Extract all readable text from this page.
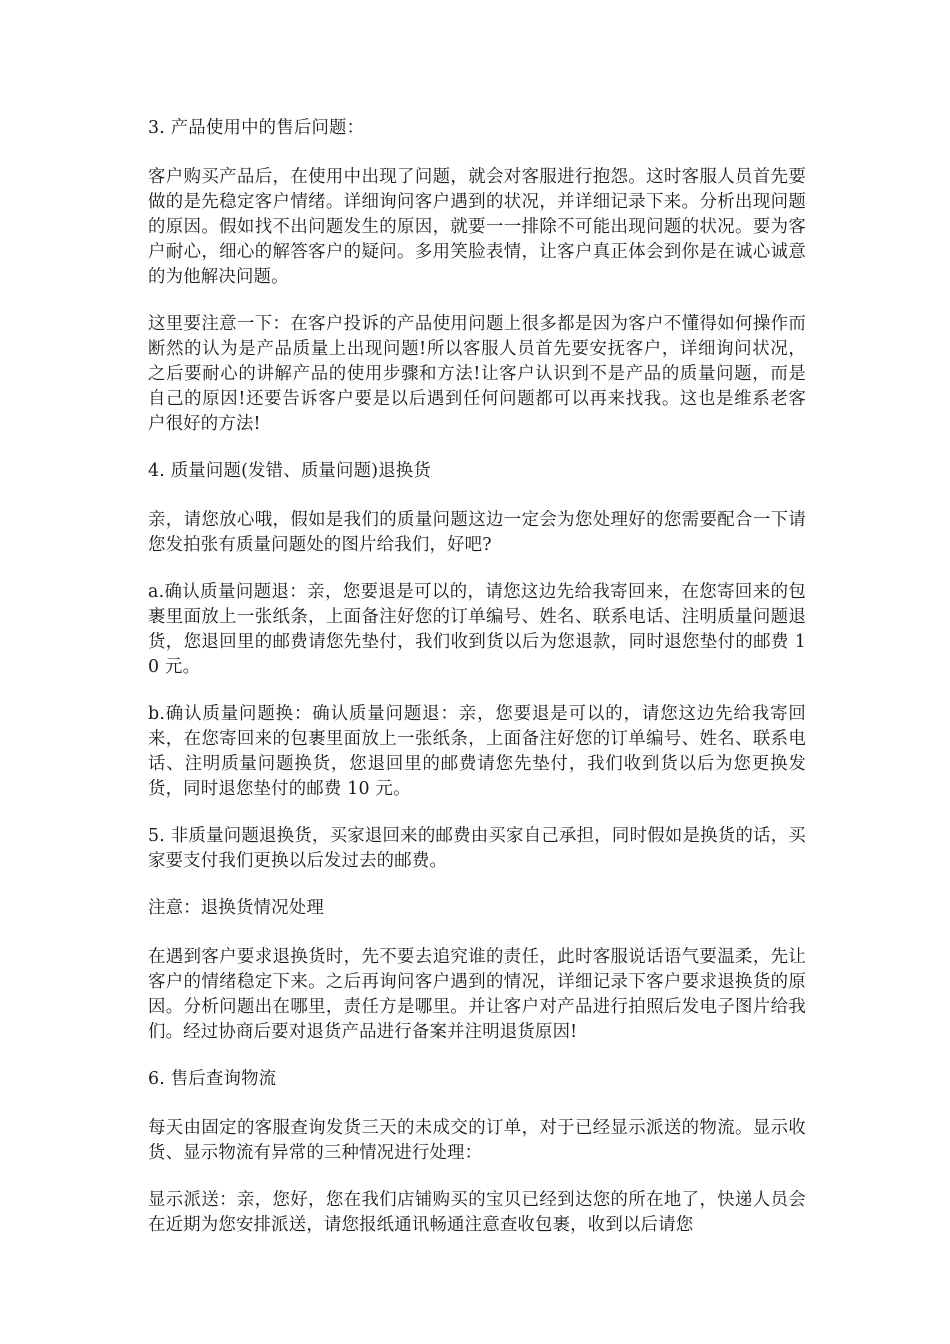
3. 产品使用中的售后问题：

客户购买产品后，在使用中出现了问题，就会对客服进行抱怨。这时客服人员首先要做的是先稳定客户情绪。详细询问客户遇到的状况，并详细记录下来。分析出现问题的原因。假如找不出问题发生的原因，就要一一排除不可能出现问题的状况。要为客户耐心，细心的解答客户的疑问。多用笑脸表情，让客户真正体会到你是在诚心诚意的为他解决问题。

这里要注意一下：在客户投诉的产品使用问题上很多都是因为客户不懂得如何操作而断然的认为是产品质量上出现问题!所以客服人员首先要安抚客户，详细询问状况，之后要耐心的讲解产品的使用步骤和方法!让客户认识到不是产品的质量问题，而是自己的原因!还要告诉客户要是以后遇到任何问题都可以再来找我。这也是维系老客户很好的方法!

4. 质量问题(发错、质量问题)退换货

亲，请您放心哦，假如是我们的质量问题这边一定会为您处理好的您需要配合一下请您发拍张有质量问题处的图片给我们，好吧?

a.确认质量问题退：亲，您要退是可以的，请您这边先给我寄回来，在您寄回来的包裹里面放上一张纸条，上面备注好您的订单编号、姓名、联系电话、注明质量问题退货，您退回里的邮费请您先垫付，我们收到货以后为您退款，同时退您垫付的邮费 10 元。

b.确认质量问题换：确认质量问题退：亲，您要退是可以的，请您这边先给我寄回来，在您寄回来的包裹里面放上一张纸条，上面备注好您的订单编号、姓名、联系电话、注明质量问题换货，您退回里的邮费请您先垫付，我们收到货以后为您更换发货，同时退您垫付的邮费 10 元。

5. 非质量问题退换货，买家退回来的邮费由买家自己承担，同时假如是换货的话，买家要支付我们更换以后发过去的邮费。

注意：退换货情况处理

在遇到客户要求退换货时，先不要去追究谁的责任，此时客服说话语气要温柔，先让客户的情绪稳定下来。之后再询问客户遇到的情况，详细记录下客户要求退换货的原因。分析问题出在哪里，责任方是哪里。并让客户对产品进行拍照后发电子图片给我们。经过协商后要对退货产品进行备案并注明退货原因!

6. 售后查询物流

每天由固定的客服查询发货三天的未成交的订单，对于已经显示派送的物流。显示收货、显示物流有异常的三种情况进行处理：

显示派送：亲，您好，您在我们店铺购买的宝贝已经到达您的所在地了，快递人员会在近期为您安排派送，请您报纸通讯畅通注意查收包裹，收到以后请您
